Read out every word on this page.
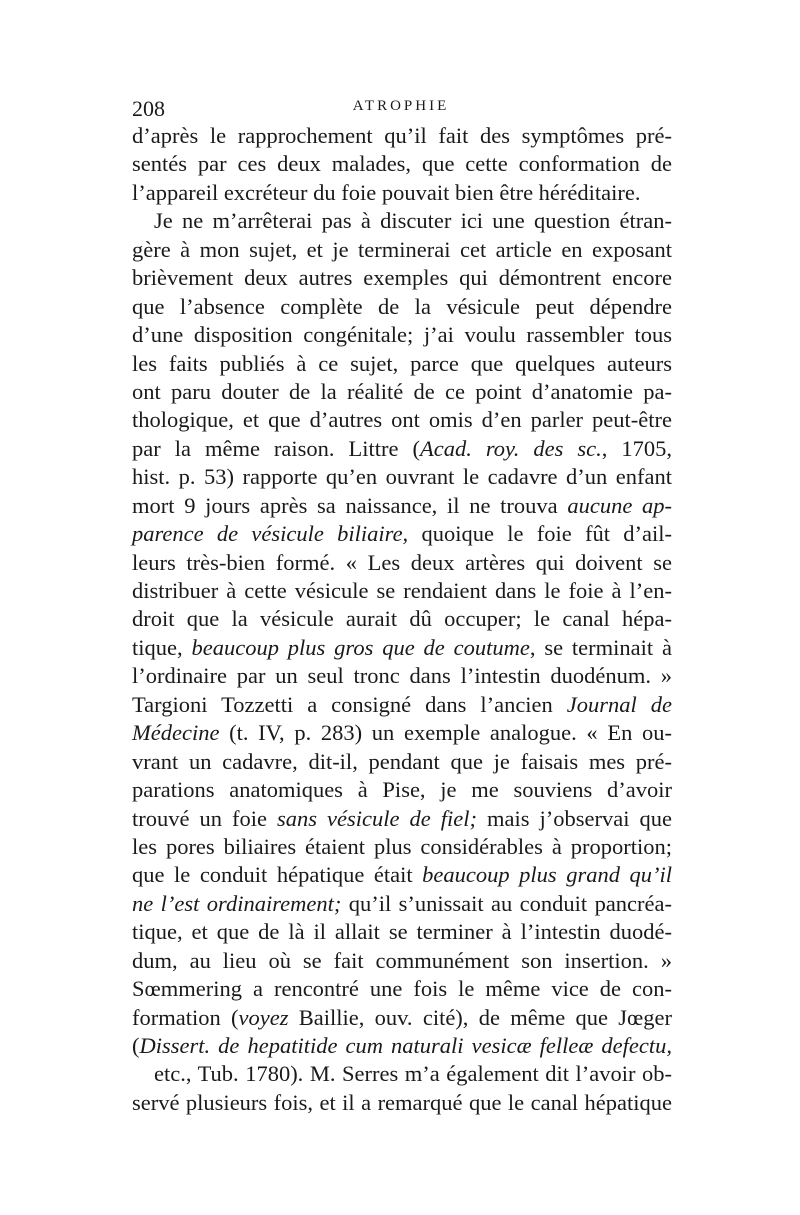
208	ATROPHIE
d’après le rapprochement qu’il fait des symptômes pré-
sentés par ces deux malades, que cette conformation de
l’appareil excréteur du foie pouvait bien être héréditaire.
Je ne m’arrêterai pas à discuter ici une question étran-
gère à mon sujet, et je terminerai cet article en exposant
brièvement deux autres exemples qui démontrent encore
que l’absence complète de la vésicule peut dépendre
d’une disposition congénitale; j’ai voulu rassembler tous
les faits publiés à ce sujet, parce que quelques auteurs
ont paru douter de la réalité de ce point d’anatomie pa-
thologique, et que d’autres ont omis d’en parler peut-être
par la même raison. Littre (Acad. roy. des sc., 1705,
hist. p. 53) rapporte qu’en ouvrant le cadavre d’un enfant
mort 9 jours après sa naissance, il ne trouva aucune ap-
parence de vésicule biliaire, quoique le foie fût d’ail-
leurs très-bien formé. « Les deux artères qui doivent se
distribuer à cette vésicule se rendaient dans le foie à l’en-
droit que la vésicule aurait dû occuper; le canal hépa-
tique, beaucoup plus gros que de coutume, se terminait à
l’ordinaire par un seul tronc dans l’intestin duodénum. »
Targioni Tozzetti a consigné dans l’ancien Journal de
Médecine (t. IV, p. 283) un exemple analogue. « En ou-
vrant un cadavre, dit-il, pendant que je faisais mes pré-
parations anatomiques à Pise, je me souviens d’avoir
trouvé un foie sans vésicule de fiel; mais j’observai que
les pores biliaires étaient plus considérables à proportion;
que le conduit hépatique était beaucoup plus grand qu’il
ne l’est ordinairement; qu’il s’unissait au conduit pancréa-
tique, et que de là il allait se terminer à l’intestin duodé-
dum, au lieu où se fait communément son insertion. »
Sœmmering a rencontré une fois le même vice de con-
formation (voyez Baillie, ouv. cité), de même que Jœger
(Dissert. de hepatitide cum naturali vesicæ felleæ defectu,
etc., Tub. 1780). M. Serres m’a également dit l’avoir ob-
servé plusieurs fois, et il a remarqué que le canal hépatique
